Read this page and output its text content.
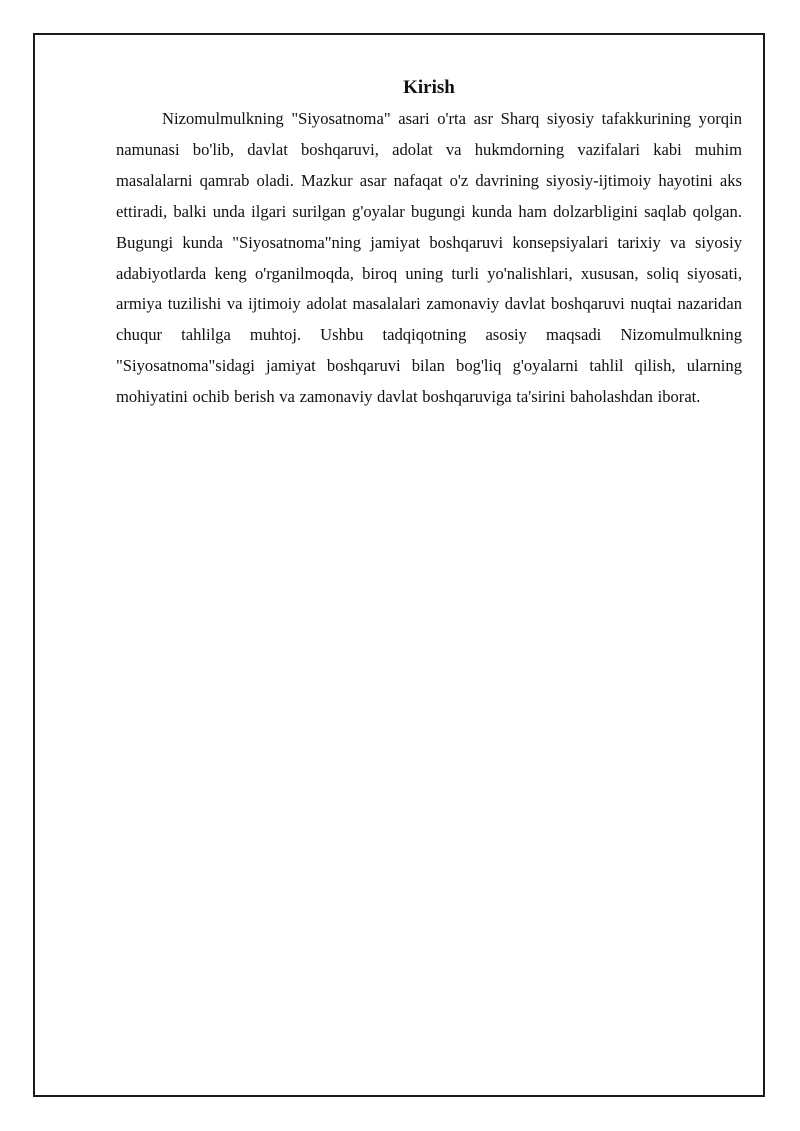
Kirish

Nizomulmulkning "Siyosatnoma" asari o'rta asr Sharq siyosiy tafakkurining yorqin namunasi bo'lib, davlat boshqaruvi, adolat va hukmdorning vazifalari kabi muhim masalalarni qamrab oladi. Mazkur asar nafaqat o'z davrining siyosiy-ijtimoiy hayotini aks ettiradi, balki unda ilgari surilgan g'oyalar bugungi kunda ham dolzarbligini saqlab qolgan. Bugungi kunda "Siyosatnoma"ning jamiyat boshqaruvi konsepsiyalari tarixiy va siyosiy adabiyotlarda keng o'rganilmoqda, biroq uning turli yo'nalishlari, xususan, soliq siyosati, armiya tuzilishi va ijtimoiy adolat masalalari zamonaviy davlat boshqaruvi nuqtai nazaridan chuqur tahlilga muhtoj. Ushbu tadqiqotning asosiy maqsadi Nizomulmulkning "Siyosatnoma"sidagi jamiyat boshqaruvi bilan bog'liq g'oyalarni tahlil qilish, ularning mohiyatini ochib berish va zamonaviy davlat boshqaruviga ta'sirini baholashdan iborat.
